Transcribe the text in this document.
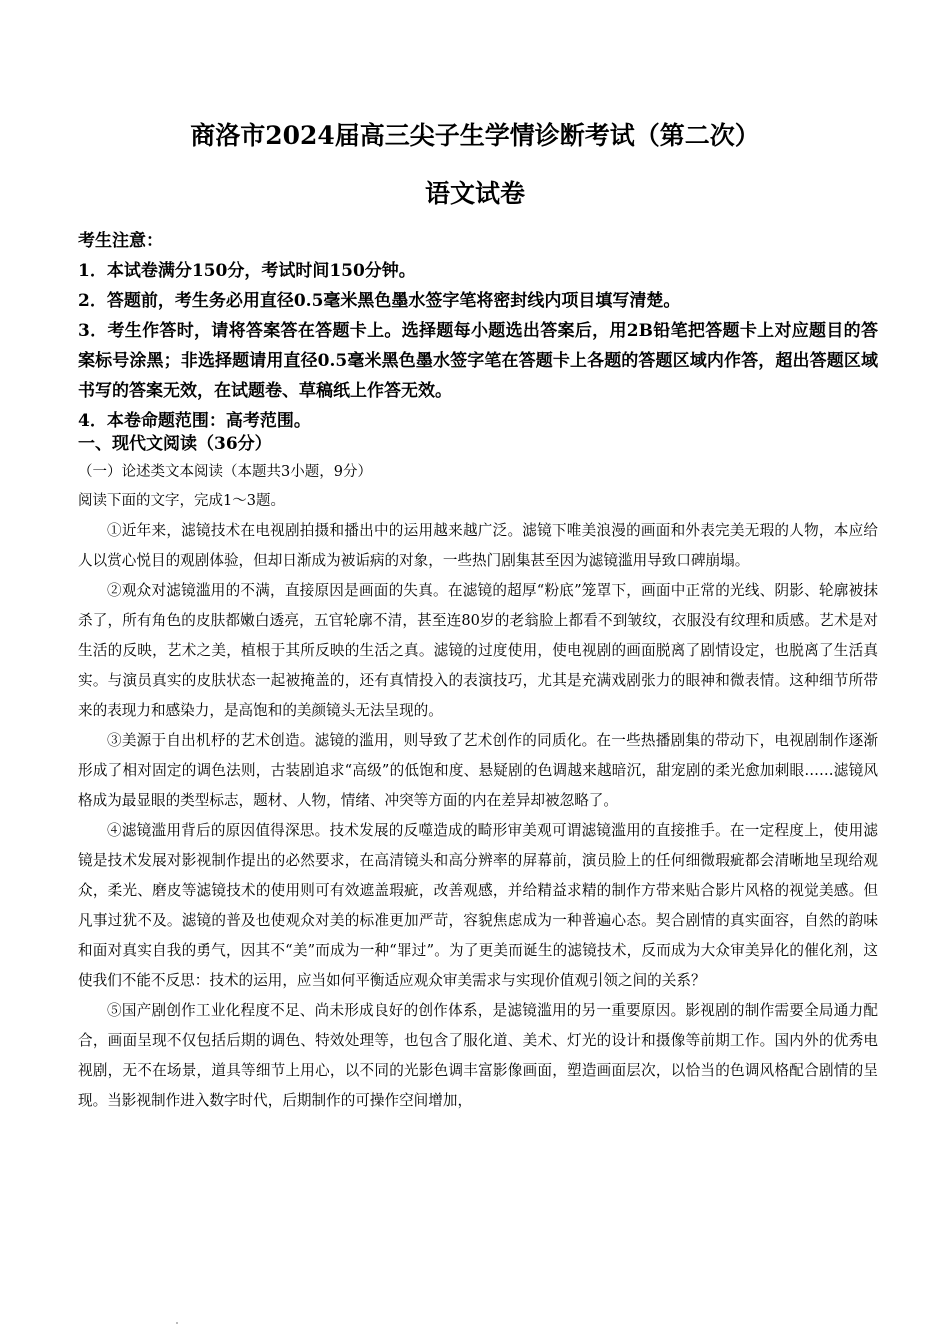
商洛市2024届高三尖子生学情诊断考试（第二次）
语文试卷
考生注意：
1．本试卷满分150分，考试时间150分钟。
2．答题前，考生务必用直径0.5毫米黑色墨水签字笔将密封线内项目填写清楚。
3．考生作答时，请将答案答在答题卡上。选择题每小题选出答案后，用2B铅笔把答题卡上对应题目的答案标号涂黑；非选择题请用直径0.5毫米黑色墨水签字笔在答题卡上各题的答题区域内作答，超出答题区域书写的答案无效，在试题卷、草稿纸上作答无效。
4．本卷命题范围：高考范围。
一、现代文阅读（36分）
（一）论述类文本阅读（本题共3小题，9分）
阅读下面的文字，完成1～3题。

①近年来，滤镜技术在电视剧拍摄和播出中的运用越来越广泛。滤镜下唯美浪漫的画面和外表完美无瑕的人物，本应给人以赏心悦目的观剧体验，但却日渐成为被诟病的对象，一些热门剧集甚至因为滤镜滥用导致口碑崩塌。

②观众对滤镜滥用的不满，直接原因是画面的失真。在滤镜的超厚“粉底”笼罩下，画面中正常的光线、阴影、轮廓被抹杀了，所有角色的皮肤都嫩白透亮，五官轮廓不清，甚至连80岁的老翁脸上都看不到皱纹，衣服没有纹理和质感。艺术是对生活的反映，艺术之美，植根于其所反映的生活之真。滤镜的过度使用，使电视剧的画面脱离了剧情设定，也脱离了生活真实。与演员真实的皮肤状态一起被掩盖的，还有真情投入的表演技巧，尤其是充满戏剧张力的眼神和微表情。这种细节所带来的表现力和感染力，是高饱和的美颜镜头无法呈现的。

③美源于自出机杼的艺术创造。滤镜的滥用，则导致了艺术创作的同质化。在一些热播剧集的带动下，电视剧制作逐渐形成了相对固定的调色法则，古装剧追求“高级”的低饱和度、悬疑剧的色调越来越暗沉，甜宠剧的柔光愈加刺眼……滤镜风格成为最显眼的类型标志，题材、人物，情绪、冲突等方面的内在差异却被忽略了。

④滤镜滥用背后的原因值得深思。技术发展的反噬造成的畸形审美观可谓滤镜滥用的直接推手。在一定程度上，使用滤镜是技术发展对影视制作提出的必然要求，在高清镜头和高分辨率的屏幕前，演员脸上的任何细微瑕疵都会清晰地呈现给观众，柔光、磨皮等滤镜技术的使用则可有效遮盖瑕疵，改善观感，并给精益求精的制作方带来贴合影片风格的视觉美感。但凡事过犹不及。滤镜的普及也使观众对美的标准更加严苛，容貌焦虑成为一种普遍心态。契合剧情的真实面容，自然的韵味和面对真实自我的勇气，因其不“美”而成为一种“罪过”。为了更美而诞生的滤镜技术，反而成为大众审美异化的催化剂，这使我们不能不反思：技术的运用，应当如何平衡适应观众审美需求与实现价值观引领之间的关系？

⑤国产剧创作工业化程度不足、尚未形成良好的创作体系，是滤镜滥用的另一重要原因。影视剧的制作需要全局通力配合，画面呈现不仅包括后期的调色、特效处理等，也包含了服化道、美术、灯光的设计和摄像等前期工作。国内外的优秀电视剧，无不在场景，道具等细节上用心，以不同的光影色调丰富影像画面，塑造画面层次，以恰当的色调风格配合剧情的呈现。当影视制作进入数字时代，后期制作的可操作空间增加，
